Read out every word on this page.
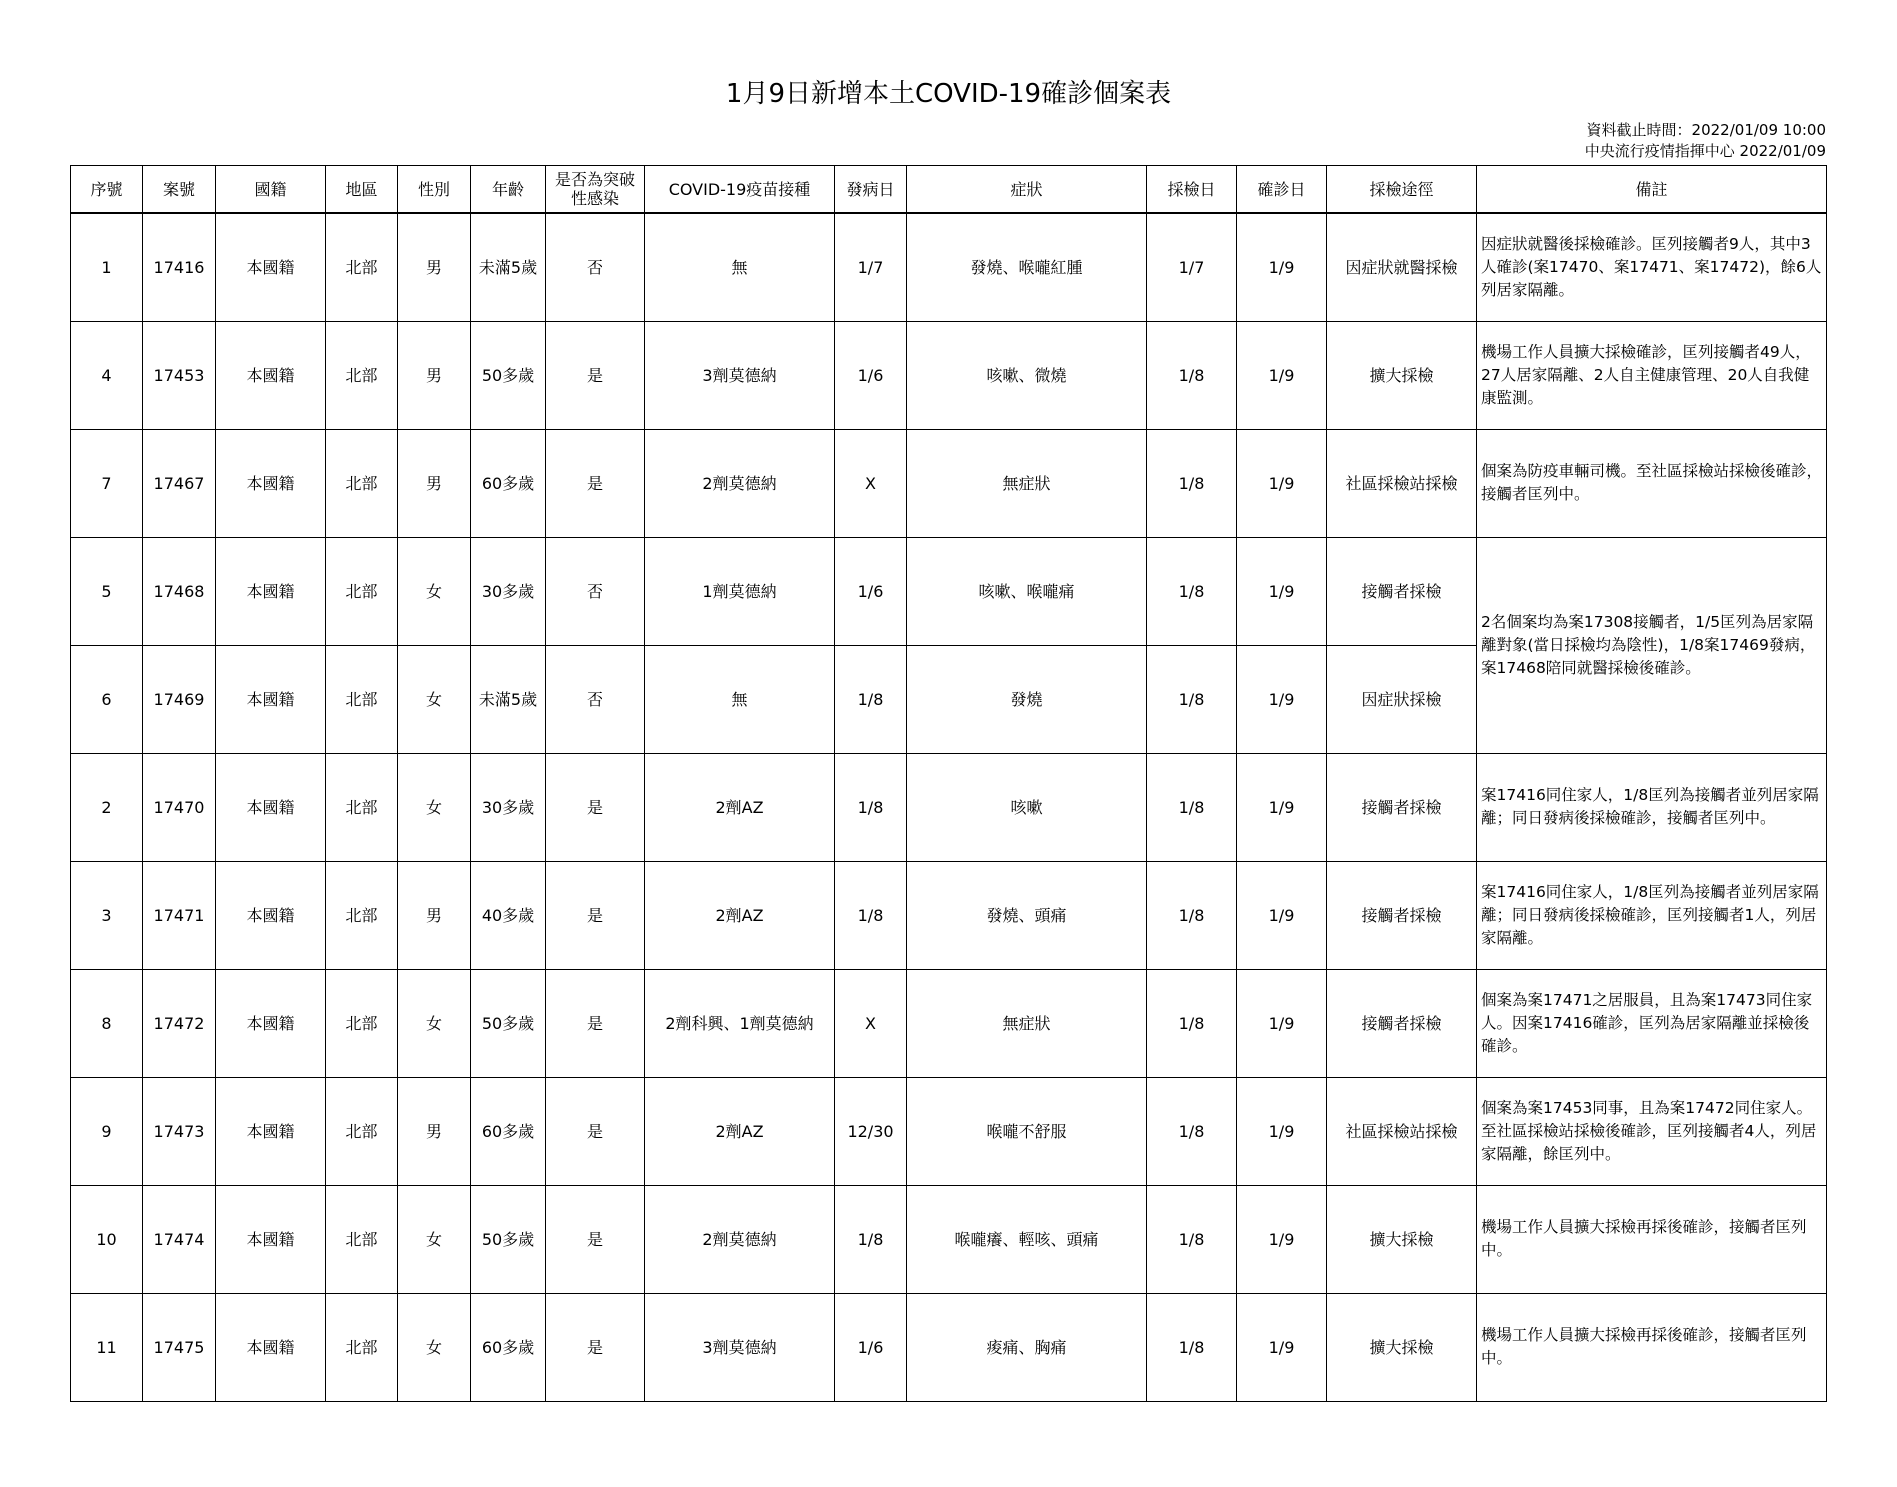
1月9日新增本土COVID-19確診個案表
資料截止時間：2022/01/09 10:00
中央流行疫情指揮中心 2022/01/09
序號	案號	國籍	地區	性別	年齡	是否為突破性感染	COVID-19疫苗接種	發病日	症狀	採檢日	確診日	採檢途徑	備註
1	17416	本國籍	北部	男	未滿5歲	否	無	1/7	發燒、喉嚨紅腫	1/7	1/9	因症狀就醫採檢	因症狀就醫後採檢確診。匡列接觸者9人，其中3人確診(案17470、案17471、案17472)，餘6人列居家隔離。
4	17453	本國籍	北部	男	50多歲	是	3劑莫德納	1/6	咳嗽、微燒	1/8	1/9	擴大採檢	機場工作人員擴大採檢確診，匡列接觸者49人，27人居家隔離、2人自主健康管理、20人自我健康監測。
7	17467	本國籍	北部	男	60多歲	是	2劑莫德納	X	無症狀	1/8	1/9	社區採檢站採檢	個案為防疫車輛司機。至社區採檢站採檢後確診，接觸者匡列中。
5	17468	本國籍	北部	女	30多歲	否	1劑莫德納	1/6	咳嗽、喉嚨痛	1/8	1/9	接觸者採檢	2名個案均為案17308接觸者，1/5匡列為居家隔離對象(當日採檢均為陰性)，1/8案17469發病，案17468陪同就醫採檢後確診。
6	17469	本國籍	北部	女	未滿5歲	否	無	1/8	發燒	1/8	1/9	因症狀採檢	
2	17470	本國籍	北部	女	30多歲	是	2劑AZ	1/8	咳嗽	1/8	1/9	接觸者採檢	案17416同住家人，1/8匡列為接觸者並列居家隔離；同日發病後採檢確診，接觸者匡列中。
3	17471	本國籍	北部	男	40多歲	是	2劑AZ	1/8	發燒、頭痛	1/8	1/9	接觸者採檢	案17416同住家人，1/8匡列為接觸者並列居家隔離；同日發病後採檢確診，匡列接觸者1人，列居家隔離。
8	17472	本國籍	北部	女	50多歲	是	2劑科興、1劑莫德納	X	無症狀	1/8	1/9	接觸者採檢	個案為案17471之居服員，且為案17473同住家人。因案17416確診，匡列為居家隔離並採檢後確診。
9	17473	本國籍	北部	男	60多歲	是	2劑AZ	12/30	喉嚨不舒服	1/8	1/9	社區採檢站採檢	個案為案17453同事，且為案17472同住家人。至社區採檢站採檢後確診，匡列接觸者4人，列居家隔離，餘匡列中。
10	17474	本國籍	北部	女	50多歲	是	2劑莫德納	1/8	喉嚨癢、輕咳、頭痛	1/8	1/9	擴大採檢	機場工作人員擴大採檢再採後確診，接觸者匡列中。
11	17475	本國籍	北部	女	60多歲	是	3劑莫德納	1/6	痠痛、胸痛	1/8	1/9	擴大採檢	機場工作人員擴大採檢再採後確診，接觸者匡列中。
